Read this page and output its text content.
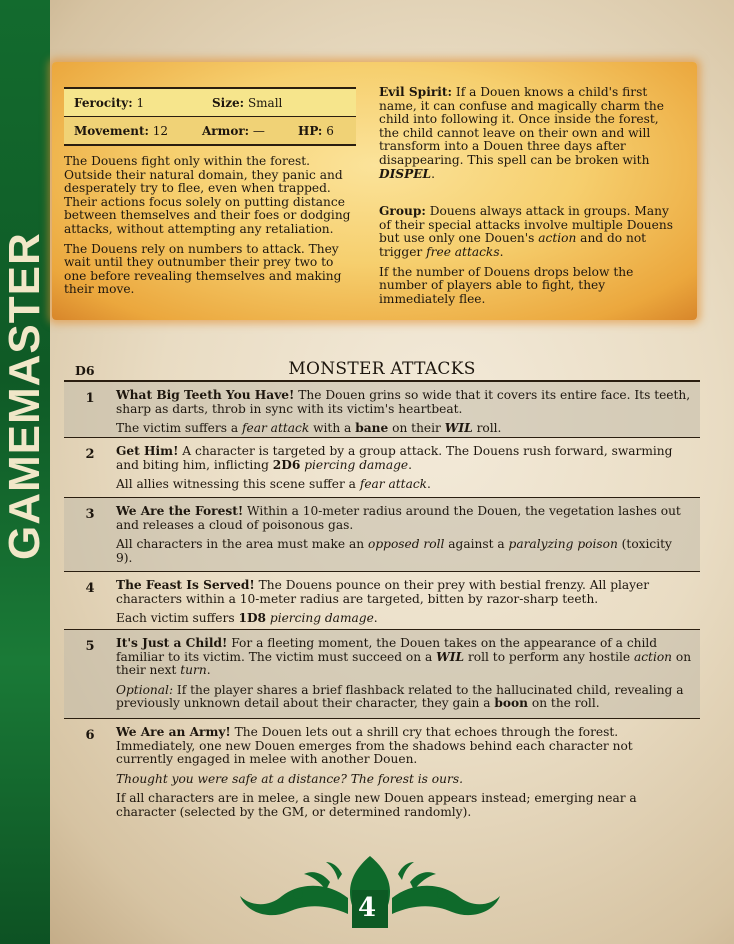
GAMEMASTER
Ferocity: 1	Size: Small
Movement: 12	Armor: —	HP: 6

The Douens fight only within the forest. Outside their natural domain, they panic and desperately try to flee, even when trapped. Their actions focus solely on putting distance between themselves and their foes or dodging attacks, without attempting any retaliation.

The Douens rely on numbers to attack. They wait until they outnumber their prey two to one before revealing themselves and making their move.

Evil Spirit: If a Douen knows a child's first name, it can confuse and magically charm the child into following it. Once inside the forest, the child cannot leave on their own and will transform into a Douen three days after disappearing. This spell can be broken with DISPEL.

Group: Douens always attack in groups. Many of their special attacks involve multiple Douens but use only one Douen's action and do not trigger free attacks.

If the number of Douens drops below the number of players able to fight, they immediately flee.

D6	MONSTER ATTACKS
1	What Big Teeth You Have! The Douen grins so wide that it covers its entire face. Its teeth, sharp as darts, throb in sync with its victim's heartbeat.

The victim suffers a fear attack with a bane on their WIL roll.

2	Get Him! A character is targeted by a group attack. The Douens rush forward, swarming and biting him, inflicting 2D6 piercing damage.

All allies witnessing this scene suffer a fear attack.

3	We Are the Forest! Within a 10-meter radius around the Douen, the vegetation lashes out and releases a cloud of poisonous gas.

All characters in the area must make an opposed roll against a paralyzing poison (toxicity 9).

4	The Feast Is Served! The Douens pounce on their prey with bestial frenzy. All player characters within a 10-meter radius are targeted, bitten by razor-sharp teeth.

Each victim suffers 1D8 piercing damage.

5	It's Just a Child! For a fleeting moment, the Douen takes on the appearance of a child familiar to its victim. The victim must succeed on a WIL roll to perform any hostile action on their next turn.

Optional: If the player shares a brief flashback related to the hallucinated child, revealing a previously unknown detail about their character, they gain a boon on the roll.

6	We Are an Army! The Douen lets out a shrill cry that echoes through the forest. Immediately, one new Douen emerges from the shadows behind each character not currently engaged in melee with another Douen.

Thought you were safe at a distance? The forest is ours.

If all characters are in melee, a single new Douen appears instead; emerging near a character (selected by the GM, or determined randomly).

4
